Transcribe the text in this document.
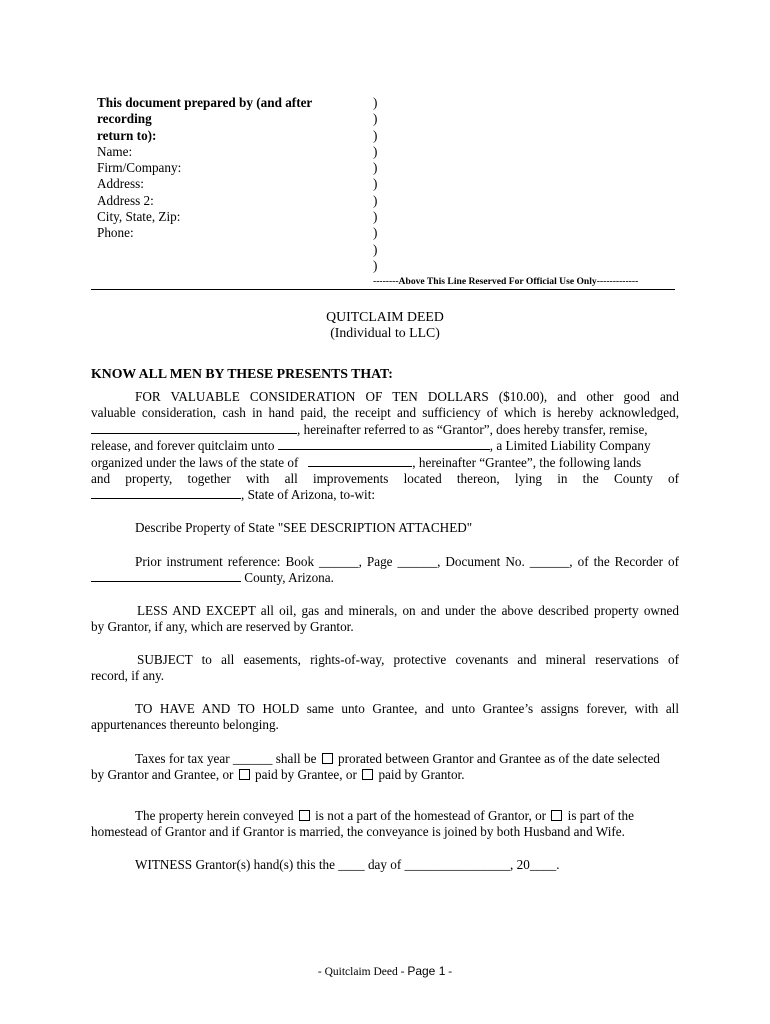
This document prepared by (and after recording
return to):
Name:
Firm/Company:
Address:
Address 2:
City, State, Zip:
Phone:
)
)
)
)
)
)
)
)
)
)
)
--------Above This Line Reserved For Official Use Only-------------
QUITCLAIM DEED
(Individual to LLC)
KNOW ALL MEN BY THESE PRESENTS THAT:
FOR VALUABLE CONSIDERATION OF TEN DOLLARS ($10.00), and other good and
valuable consideration, cash in hand paid, the receipt and sufficiency of which is hereby acknowledged,
, hereinafter referred to as “Grantor”, does hereby transfer, remise,
release, and forever quitclaim unto	, a Limited Liability Company
organized under the laws of the state of	, hereinafter “Grantee”, the following lands
and property, together with all improvements located thereon, lying in the County of
, State of Arizona, to-wit:
Describe Property of State "SEE DESCRIPTION ATTACHED"
Prior instrument reference: Book ______, Page ______, Document No. ______, of the Recorder of
County, Arizona.
LESS AND EXCEPT all oil, gas and minerals, on and under the above described property owned
by Grantor, if any, which are reserved by Grantor.
SUBJECT to all easements, rights-of-way, protective covenants and mineral reservations of
record, if any.
TO HAVE AND TO HOLD same unto Grantee, and unto Grantee’s assigns forever, with all
appurtenances thereunto belonging.
Taxes for tax year ______ shall be prorated between Grantor and Grantee as of the date selected
by Grantor and Grantee, or paid by Grantee, or paid by Grantor.
The property herein conveyed is not a part of the homestead of Grantor, or is part of the
homestead of Grantor and if Grantor is married, the conveyance is joined by both Husband and Wife.
WITNESS Grantor(s) hand(s) this the ____ day of ________________, 20____.
- Quitclaim Deed - Page 1 -
